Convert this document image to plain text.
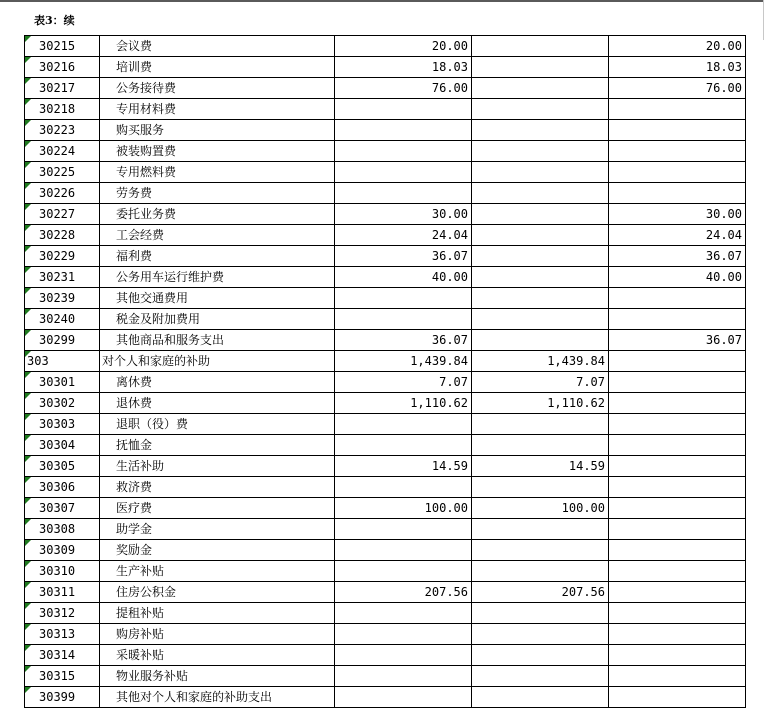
表3：续
30215	会议费	20.00		20.00
30216	培训费	18.03		18.03
30217	公务接待费	76.00		76.00
30218	专用材料费			
30223	购买服务			
30224	被装购置费			
30225	专用燃料费			
30226	劳务费			
30227	委托业务费	30.00		30.00
30228	工会经费	24.04		24.04
30229	福利费	36.07		36.07
30231	公务用车运行维护费	40.00		40.00
30239	其他交通费用			
30240	税金及附加费用			
30299	其他商品和服务支出	36.07		36.07
303	对个人和家庭的补助	1,439.84	1,439.84	
30301	离休费	7.07	7.07	
30302	退休费	1,110.62	1,110.62	
30303	退职（役）费			
30304	抚恤金			
30305	生活补助	14.59	14.59	
30306	救济费			
30307	医疗费	100.00	100.00	
30308	助学金			
30309	奖励金			
30310	生产补贴			
30311	住房公积金	207.56	207.56	
30312	提租补贴			
30313	购房补贴			
30314	采暖补贴			
30315	物业服务补贴			
30399	其他对个人和家庭的补助支出			
